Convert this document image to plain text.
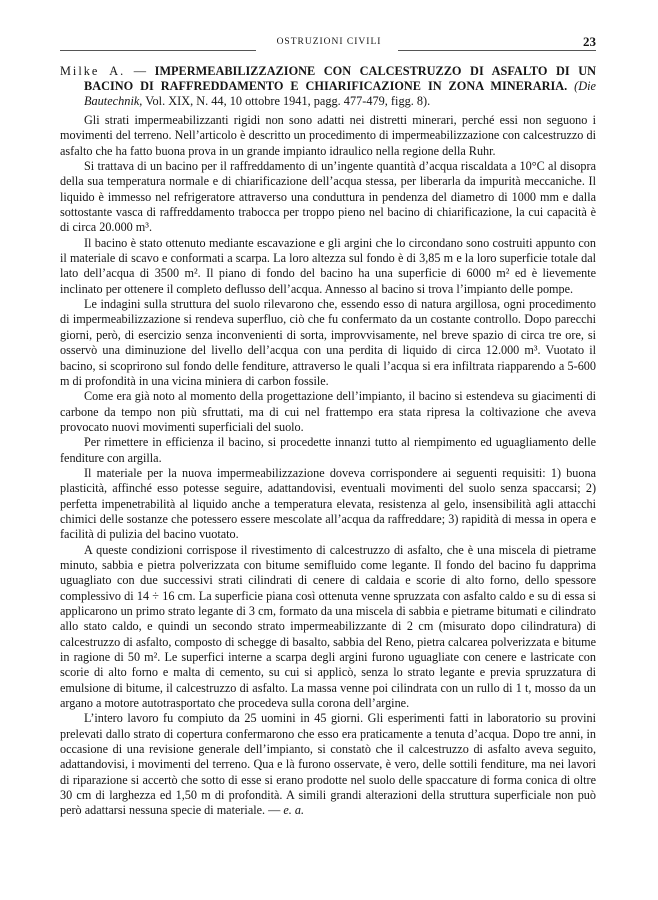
OSTRUZIONI CIVILI	23

Milke A. — IMPERMEABILIZZAZIONE CON CALCESTRUZZO DI ASFALTO DI UN BACINO DI RAFFREDDAMENTO E CHIARIFICAZIONE IN ZONA MINERARIA. (Die Bautechnik, Vol. XIX, N. 44, 10 ottobre 1941, pagg. 477-479, figg. 8).

Gli strati impermeabilizzanti rigidi non sono adatti nei distretti minerari, perché essi non seguono i movimenti del terreno. Nell’articolo è descritto un procedimento di impermeabilizzazione con calcestruzzo di asfalto che ha fatto buona prova in un grande impianto idraulico nella regione della Ruhr.

Si trattava di un bacino per il raffreddamento di un’ingente quantità d’acqua riscaldata a 10°C al disopra della sua temperatura normale e di chiarificazione dell’acqua stessa, per liberarla da impurità meccaniche. Il liquido è immesso nel refrigeratore attraverso una conduttura in pendenza del diametro di 1000 mm e dalla sottostante vasca di raffreddamento trabocca per troppo pieno nel bacino di chiarificazione, la cui capacità è di circa 20.000 m³.

Il bacino è stato ottenuto mediante escavazione e gli argini che lo circondano sono costruiti appunto con il materiale di scavo e conformati a scarpa. La loro altezza sul fondo è di 3,85 m e la loro superficie totale dal lato dell’acqua di 3500 m². Il piano di fondo del bacino ha una superficie di 6000 m² ed è lievemente inclinato per ottenere il completo deflusso dell’acqua. Annesso al bacino si trova l’impianto delle pompe.

Le indagini sulla struttura del suolo rilevarono che, essendo esso di natura argillosa, ogni procedimento di impermeabilizzazione si rendeva superfluo, ciò che fu confermato da un costante controllo. Dopo parecchi giorni, però, di esercizio senza inconvenienti di sorta, improvvisamente, nel breve spazio di circa tre ore, si osservò una diminuzione del livello dell’acqua con una perdita di liquido di circa 12.000 m³. Vuotato il bacino, si scoprirono sul fondo delle fenditure, attraverso le quali l’acqua si era infiltrata riapparendo a 5-600 m di profondità in una vicina miniera di carbon fossile.

Come era già noto al momento della progettazione dell’impianto, il bacino si estendeva su giacimenti di carbone da tempo non più sfruttati, ma di cui nel frattempo era stata ripresa la coltivazione che aveva provocato nuovi movimenti superficiali del suolo.

Per rimettere in efficienza il bacino, si procedette innanzi tutto al riempimento ed uguagliamento delle fenditure con argilla.

Il materiale per la nuova impermeabilizzazione doveva corrispondere ai seguenti requisiti: 1) buona plasticità, affinché esso potesse seguire, adattandovisi, eventuali movimenti del suolo senza spaccarsi; 2) perfetta impenetrabilità al liquido anche a temperatura elevata, resistenza al gelo, insensibilità agli attacchi chimici delle sostanze che potessero essere mescolate all’acqua da raffreddare; 3) rapidità di messa in opera e facilità di pulizia del bacino vuotato.

A queste condizioni corrispose il rivestimento di calcestruzzo di asfalto, che è una miscela di pietrame minuto, sabbia e pietra polverizzata con bitume semifluido come legante. Il fondo del bacino fu dapprima uguagliato con due successivi strati cilindrati di cenere di caldaia e scorie di alto forno, dello spessore complessivo di 14 ÷ 16 cm. La superficie piana così ottenuta venne spruzzata con asfalto caldo e su di essa si applicarono un primo strato legante di 3 cm, formato da una miscela di sabbia e pietrame bitumati e cilindrato allo stato caldo, e quindi un secondo strato impermeabilizzante di 2 cm (misurato dopo cilindratura) di calcestruzzo di asfalto, composto di schegge di basalto, sabbia del Reno, pietra calcarea polverizzata e bitume in ragione di 50 m². Le superfici interne a scarpa degli argini furono uguagliate con cenere e lastricate con scorie di alto forno e malta di cemento, su cui si applicò, senza lo strato legante e previa spruzzatura di emulsione di bitume, il calcestruzzo di asfalto. La massa venne poi cilindrata con un rullo di 1 t, mosso da un argano a motore autotrasportato che procedeva sulla corona dell’argine.

L’intero lavoro fu compiuto da 25 uomini in 45 giorni. Gli esperimenti fatti in laboratorio su provini prelevati dallo strato di copertura confermarono che esso era praticamente a tenuta d’acqua. Dopo tre anni, in occasione di una revisione generale dell’impianto, si constatò che il calcestruzzo di asfalto aveva seguito, adattandovisi, i movimenti del terreno. Qua e là furono osservate, è vero, delle sottili fenditure, ma nei lavori di riparazione si accertò che sotto di esse si erano prodotte nel suolo delle spaccature di forma conica di oltre 30 cm di larghezza ed 1,50 m di profondità. A simili grandi alterazioni della struttura superficiale non può però adattarsi nessuna specie di materiale. — e. a.
